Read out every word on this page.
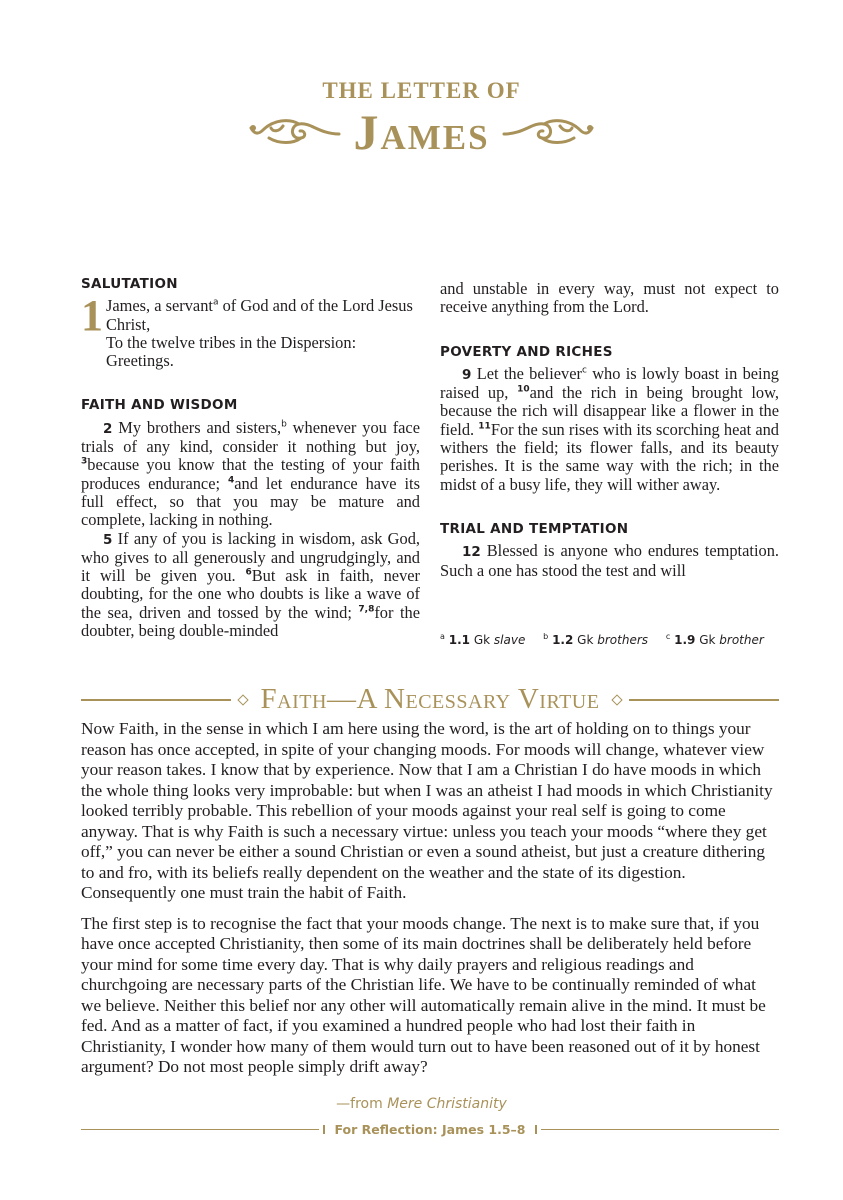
THE LETTER OF
James
SALUTATION
1 James, a servant$^a$ of God and of the Lord Jesus Christ,

To the twelve tribes in the Dispersion: Greetings.

FAITH AND WISDOM

2 My brothers and sisters,$^b$ whenever you face trials of any kind, consider it nothing but joy, $^3$because you know that the testing of your faith produces endurance; $^4$and let endurance have its full effect, so that you may be mature and complete, lacking in nothing.

5 If any of you is lacking in wisdom, ask God, who gives to all generously and ungrudgingly, and it will be given you. $^6$But ask in faith, never doubting, for the one who doubts is like a wave of the sea, driven and tossed by the wind; $^{7,8}$for the doubter, being double-minded

and unstable in every way, must not expect to receive anything from the Lord.

POVERTY AND RICHES

9 Let the believer$^c$ who is lowly boast in being raised up, $^{10}$and the rich in being brought low, because the rich will disappear like a flower in the field. $^{11}$For the sun rises with its scorching heat and withers the field; its flower falls, and its beauty perishes. It is the same way with the rich; in the midst of a busy life, they will wither away.

TRIAL AND TEMPTATION

12 Blessed is anyone who endures temptation. Such a one has stood the test and will

$^a$ 1.1 Gk slave $^b$ 1.2 Gk brothers $^c$ 1.9 Gk brother
Faith—A Necessary Virtue

Now Faith, in the sense in which I am here using the word, is the art of holding on to things your reason has once accepted, in spite of your changing moods. For moods will change, whatever view your reason takes. I know that by experience. Now that I am a Christian I do have moods in which the whole thing looks very improbable: but when I was an atheist I had moods in which Christianity looked terribly probable. This rebellion of your moods against your real self is going to come anyway. That is why Faith is such a necessary virtue: unless you teach your moods “where they get off,” you can never be either a sound Christian or even a sound atheist, but just a creature dithering to and fro, with its beliefs really dependent on the weather and the state of its digestion. Consequently one must train the habit of Faith.

The first step is to recognise the fact that your moods change. The next is to make sure that, if you have once accepted Christianity, then some of its main doctrines shall be deliberately held before your mind for some time every day. That is why daily prayers and religious readings and churchgoing are necessary parts of the Christian life. We have to be continually reminded of what we believe. Neither this belief nor any other will automatically remain alive in the mind. It must be fed. And as a matter of fact, if you examined a hundred people who had lost their faith in Christianity, I wonder how many of them would turn out to have been reasoned out of it by honest argument? Do not most people simply drift away?

—from Mere Christianity
For Reflection: James 1.5–8
